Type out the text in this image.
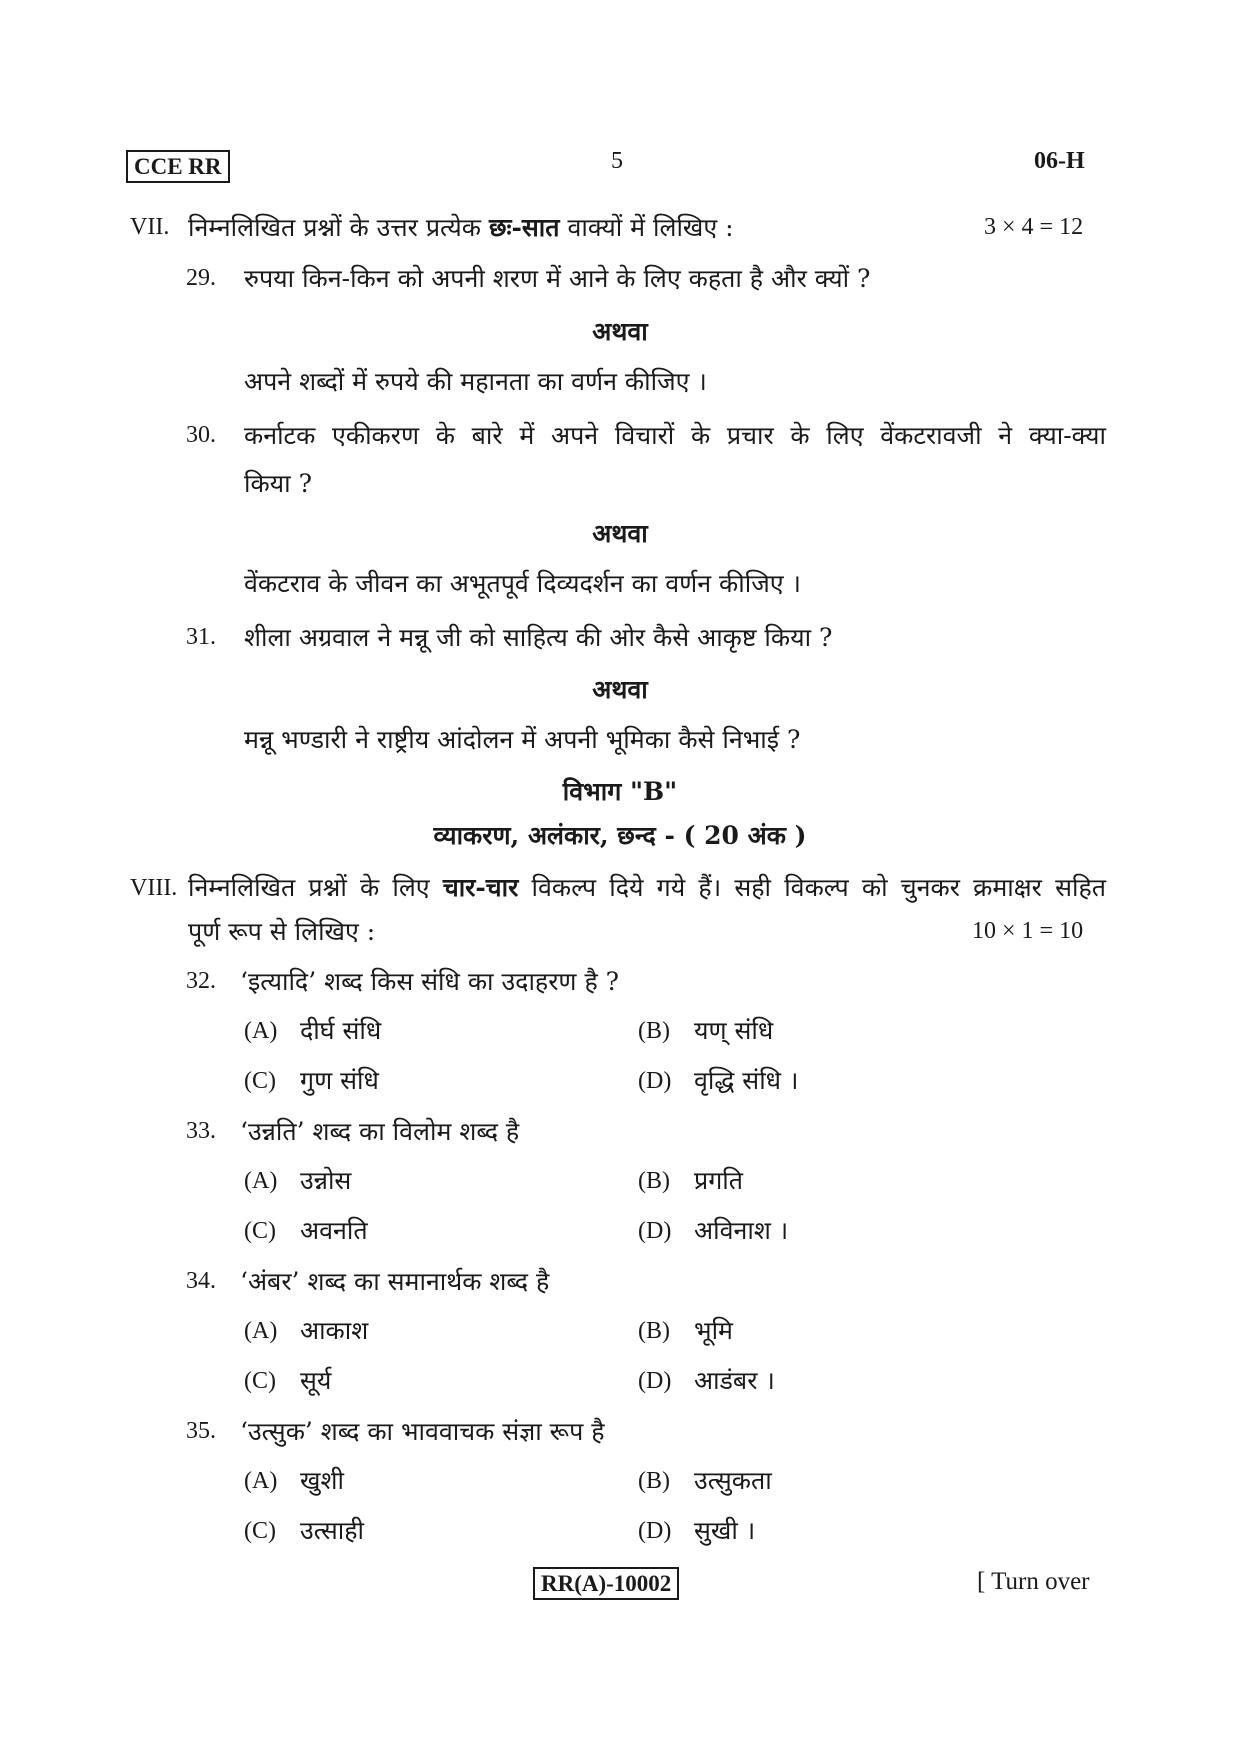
CCE RR	5	06-H
VII. निम्नलिखित प्रश्नों के उत्तर प्रत्येक छः-सात वाक्यों में लिखिए :	3 × 4 = 12
29. रुपया किन-किन को अपनी शरण में आने के लिए कहता है और क्यों ?
अथवा
अपने शब्दों में रुपये की महानता का वर्णन कीजिए ।
30. कर्नाटक एकीकरण के बारे में अपने विचारों के प्रचार के लिए वेंकटरावजी ने क्या-क्या
किया ?
अथवा
वेंकटराव के जीवन का अभूतपूर्व दिव्यदर्शन का वर्णन कीजिए ।
31. शीला अग्रवाल ने मन्नू जी को साहित्य की ओर कैसे आकृष्ट किया ?
अथवा
मन्नू भण्डारी ने राष्ट्रीय आंदोलन में अपनी भूमिका कैसे निभाई ?
विभाग "B"
व्याकरण, अलंकार, छन्द - ( 20 अंक )
VIII. निम्नलिखित प्रश्नों के लिए चार-चार विकल्प दिये गये हैं। सही विकल्प को चुनकर क्रमाक्षर सहित
पूर्ण रूप से लिखिए :	10 × 1 = 10
32. ‘इत्यादि’ शब्द किस संधि का उदाहरण है ?
(A) दीर्घ संधि	(B) यण् संधि
(C) गुण संधि	(D) वृद्धि संधि ।
33. ‘उन्नति’ शब्द का विलोम शब्द है
(A) उन्नोस	(B) प्रगति
(C) अवनति	(D) अविनाश ।
34. ‘अंबर’ शब्द का समानार्थक शब्द है
(A) आकाश	(B) भूमि
(C) सूर्य	(D) आडंबर ।
35. ‘उत्सुक’ शब्द का भाववाचक संज्ञा रूप है
(A) खुशी	(B) उत्सुकता
(C) उत्साही	(D) सुखी ।
RR(A)-10002	[ Turn over
